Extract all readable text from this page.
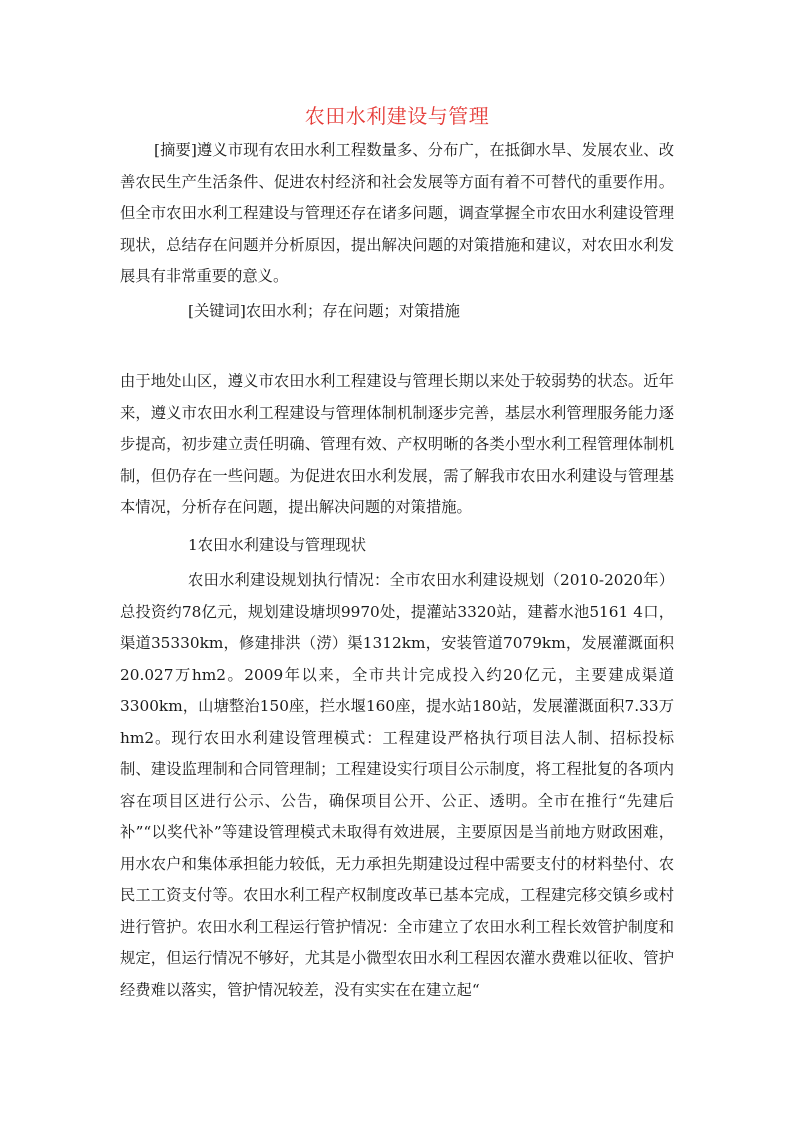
农田水利建设与管理

[摘要]遵义市现有农田水利工程数量多、分布广，在抵御水旱、发展农业、改善农民生产生活条件、促进农村经济和社会发展等方面有着不可替代的重要作用。但全市农田水利工程建设与管理还存在诸多问题，调查掌握全市农田水利建设管理现状，总结存在问题并分析原因，提出解决问题的对策措施和建议，对农田水利发展具有非常重要的意义。

[关键词]农田水利；存在问题；对策措施

由于地处山区，遵义市农田水利工程建设与管理长期以来处于较弱势的状态。近年来，遵义市农田水利工程建设与管理体制机制逐步完善，基层水利管理服务能力逐步提高，初步建立责任明确、管理有效、产权明晰的各类小型水利工程管理体制机制，但仍存在一些问题。为促进农田水利发展，需了解我市农田水利建设与管理基本情况，分析存在问题，提出解决问题的对策措施。

1农田水利建设与管理现状

农田水利建设规划执行情况：全市农田水利建设规划（2010-2020年）总投资约78亿元，规划建设塘坝9970处，提灌站3320站，建蓄水池5161 4口，渠道35330km，修建排洪（涝）渠1312km，安装管道7079km，发展灌溉面积20.027万hm2。2009年以来，全市共计完成投入约20亿元，主要建成渠道3300km，山塘整治150座，拦水堰160座，提水站180站，发展灌溉面积7.33万hm2。现行农田水利建设管理模式：工程建设严格执行项目法人制、招标投标制、建设监理制和合同管理制；工程建设实行项目公示制度，将工程批复的各项内容在项目区进行公示、公告，确保项目公开、公正、透明。全市在推行“先建后补”“以奖代补”等建设管理模式未取得有效进展，主要原因是当前地方财政困难，用水农户和集体承担能力较低，无力承担先期建设过程中需要支付的材料垫付、农民工工资支付等。农田水利工程产权制度改革已基本完成，工程建完移交镇乡或村进行管护。农田水利工程运行管护情况：全市建立了农田水利工程长效管护制度和规定，但运行情况不够好，尤其是小微型农田水利工程因农灌水费难以征收、管护经费难以落实，管护情况较差，没有实实在在建立起“
